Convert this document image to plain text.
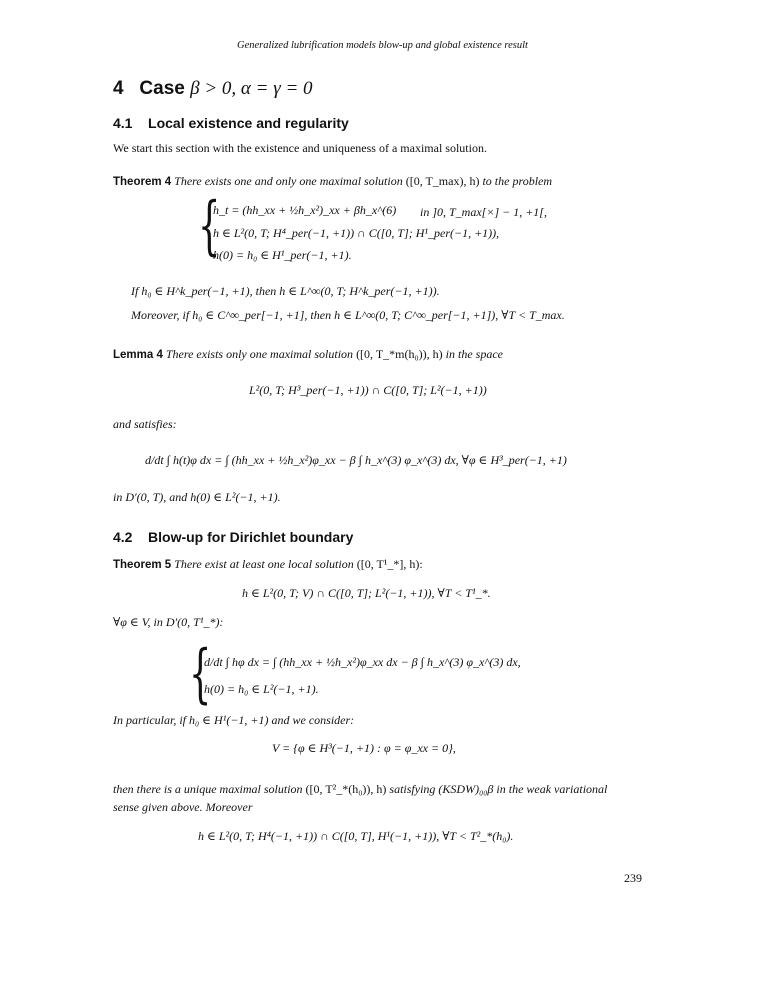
Generalized lubrification models blow-up and global existence result
4 Case β > 0, α = γ = 0
4.1 Local existence and regularity
We start this section with the existence and uniqueness of a maximal solution.
Theorem 4 There exists one and only one maximal solution ([0, T_max), h) to the problem
{
h_t = (hh_xx + ½h_x²)_xx + βh_x^(6) in ]0, T_max[×] − 1, +1[,
h ∈ L²(0, T; H⁴_per(−1, +1)) ∩ C([0, T]; H¹_per(−1, +1)),
h(0) = h₀ ∈ H¹_per(−1, +1).
If h₀ ∈ H^k_per(−1, +1), then h ∈ L^∞(0, T; H^k_per(−1, +1)).
Moreover, if h₀ ∈ C^∞_per[−1, +1], then h ∈ L^∞(0, T; C^∞_per[−1, +1]), ∀T < T_max.
Lemma 4 There exists only one maximal solution ([0, T_*m(h₀)), h) in the space
L²(0, T; H³_per(−1, +1)) ∩ C([0, T]; L²(−1, +1))
and satisfies:
d/dt ∫ h(t)φ dx = ∫ (hh_xx + ½h_x²)φ_xx − β ∫ h_x^(3) φ_x^(3) dx, ∀φ ∈ H³_per(−1, +1)
in D′(0, T), and h(0) ∈ L²(−1, +1).
4.2 Blow-up for Dirichlet boundary
Theorem 5 There exist at least one local solution ([0, T¹_*], h):
h ∈ L²(0, T; V) ∩ C([0, T]; L²(−1, +1)), ∀T < T¹_*.
∀φ ∈ V, in D′(0, T¹_*):
{
d/dt ∫ hφ dx = ∫ (hh_xx + ½h_x²)φ_xx dx − β ∫ h_x^(3) φ_x^(3) dx,
h(0) = h₀ ∈ L²(−1, +1).
In particular, if h₀ ∈ H¹(−1, +1) and we consider:
V = {φ ∈ H³(−1, +1) : φ = φ_xx = 0},
then there is a unique maximal solution ([0, T²_*(h₀)), h) satisfying (KSDW)₀₀β in the weak variational
sense given above. Moreover
h ∈ L²(0, T; H⁴(−1, +1)) ∩ C([0, T], H¹(−1, +1)), ∀T < T²_*(h₀).
239
